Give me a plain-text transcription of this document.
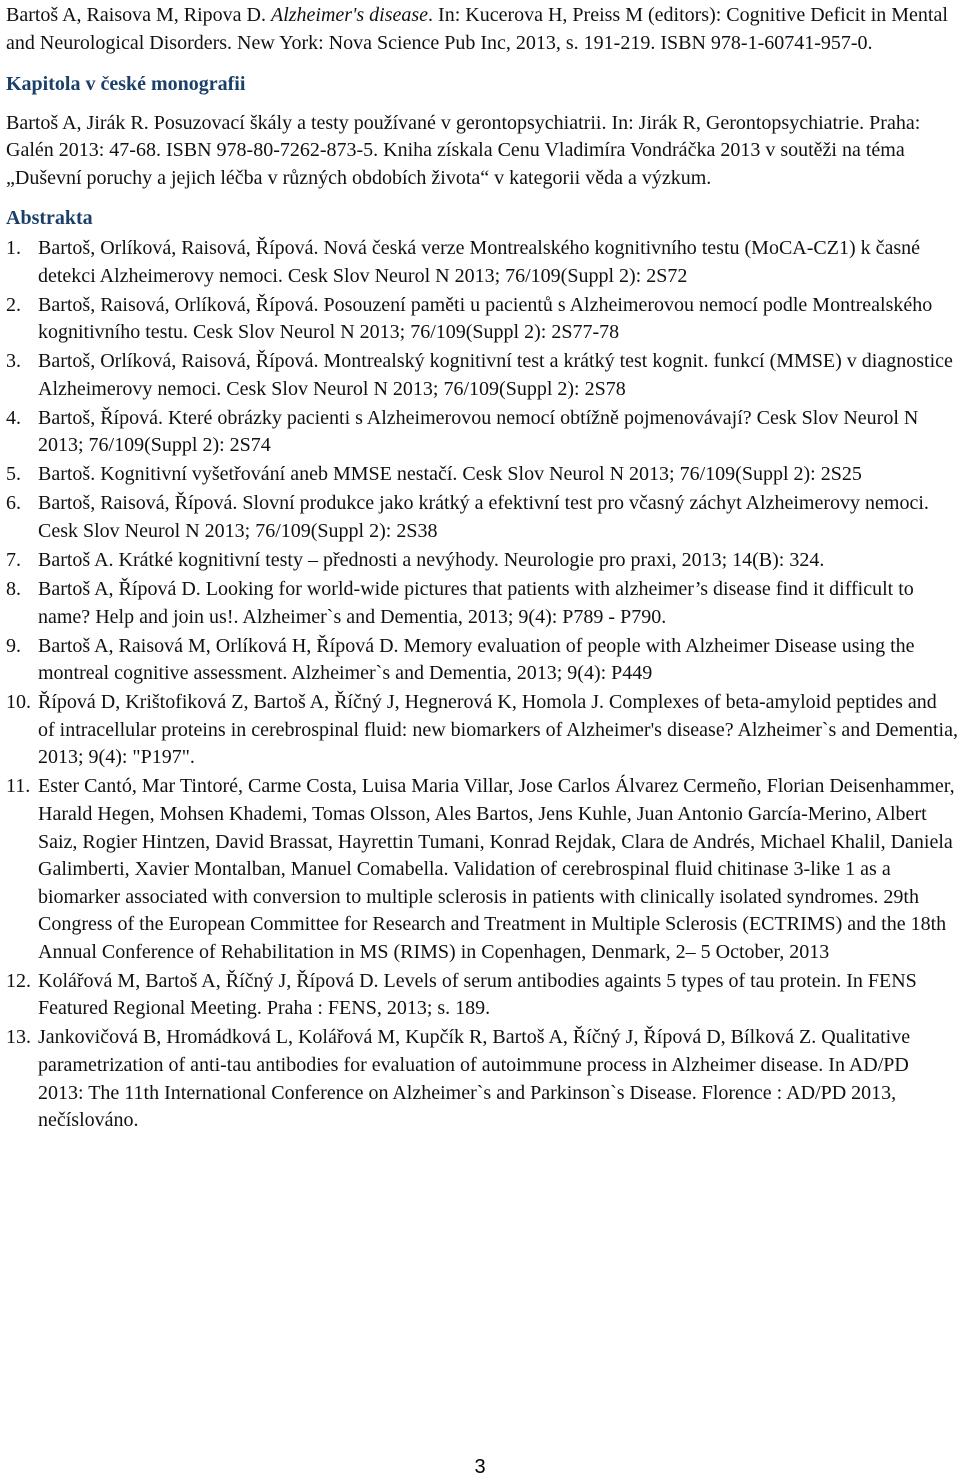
Bartoš A, Raisova M, Ripova D. Alzheimer's disease. In: Kucerova H, Preiss M (editors): Cognitive Deficit in Mental and Neurological Disorders. New York: Nova Science Pub Inc, 2013, s. 191-219. ISBN 978-1-60741-957-0.

Kapitola v české monografii

Bartoš A, Jirák R. Posuzovací škály a testy používané v gerontopsychiatrii. In: Jirák R, Gerontopsychiatrie. Praha: Galén 2013: 47-68. ISBN 978-80-7262-873-5. Kniha získala Cenu Vladimíra Vondráčka 2013 v soutěži na téma „Duševní poruchy a jejich léčba v různých obdobích života“ v kategorii věda a výzkum.

Abstrakta

1. Bartoš, Orlíková, Raisová, Řípová. Nová česká verze Montrealského kognitivního testu (MoCA-CZ1) k časné detekci Alzheimerovy nemoci. Cesk Slov Neurol N 2013; 76/109(Suppl 2): 2S72
2. Bartoš, Raisová, Orlíková, Řípová. Posouzení paměti u pacientů s Alzheimerovou nemocí podle Montrealského kognitivního testu. Cesk Slov Neurol N 2013; 76/109(Suppl 2): 2S77-78
3. Bartoš, Orlíková, Raisová, Řípová. Montrealský kognitivní test a krátký test kognit. funkcí (MMSE) v diagnostice Alzheimerovy nemoci. Cesk Slov Neurol N 2013; 76/109(Suppl 2): 2S78
4. Bartoš, Řípová. Které obrázky pacienti s Alzheimerovou nemocí obtížně pojmenovávají? Cesk Slov Neurol N 2013; 76/109(Suppl 2): 2S74
5. Bartoš. Kognitivní vyšetřování aneb MMSE nestačí. Cesk Slov Neurol N 2013; 76/109(Suppl 2): 2S25
6. Bartoš, Raisová, Řípová. Slovní produkce jako krátký a efektivní test pro včasný záchyt Alzheimerovy nemoci. Cesk Slov Neurol N 2013; 76/109(Suppl 2): 2S38
7. Bartoš A. Krátké kognitivní testy – přednosti a nevýhody. Neurologie pro praxi, 2013; 14(B): 324.
8. Bartoš A, Řípová D. Looking for world-wide pictures that patients with alzheimer’s disease find it difficult to name? Help and join us!. Alzheimer`s and Dementia, 2013; 9(4): P789 - P790.
9. Bartoš A, Raisová M, Orlíková H, Řípová D. Memory evaluation of people with Alzheimer Disease using the montreal cognitive assessment. Alzheimer`s and Dementia, 2013; 9(4): P449
10. Řípová D, Krištofiková Z, Bartoš A, Říčný J, Hegnerová K, Homola J. Complexes of beta-amyloid peptides and of intracellular proteins in cerebrospinal fluid: new biomarkers of Alzheimer's disease? Alzheimer`s and Dementia, 2013; 9(4): "P197".
11. Ester Cantó, Mar Tintoré, Carme Costa, Luisa Maria Villar, Jose Carlos Álvarez Cermeño, Florian Deisenhammer, Harald Hegen, Mohsen Khademi, Tomas Olsson, Ales Bartos, Jens Kuhle, Juan Antonio García-Merino, Albert Saiz, Rogier Hintzen, David Brassat, Hayrettin Tumani, Konrad Rejdak, Clara de Andrés, Michael Khalil, Daniela Galimberti, Xavier Montalban, Manuel Comabella. Validation of cerebrospinal fluid chitinase 3-like 1 as a biomarker associated with conversion to multiple sclerosis in patients with clinically isolated syndromes. 29th Congress of the European Committee for Research and Treatment in Multiple Sclerosis (ECTRIMS) and the 18th Annual Conference of Rehabilitation in MS (RIMS) in Copenhagen, Denmark, 2– 5 October, 2013
12. Kolářová M, Bartoš A, Říčný J, Řípová D. Levels of serum antibodies againts 5 types of tau protein. In FENS Featured Regional Meeting. Praha : FENS, 2013; s. 189.
13. Jankovičová B, Hromádková L, Kolářová M, Kupčík R, Bartoš A, Říčný J, Řípová D, Bílková Z. Qualitative parametrization of anti-tau antibodies for evaluation of autoimmune process in Alzheimer disease. In AD/PD 2013: The 11th International Conference on Alzheimer`s and Parkinson`s Disease. Florence : AD/PD 2013, nečíslováno.
3
